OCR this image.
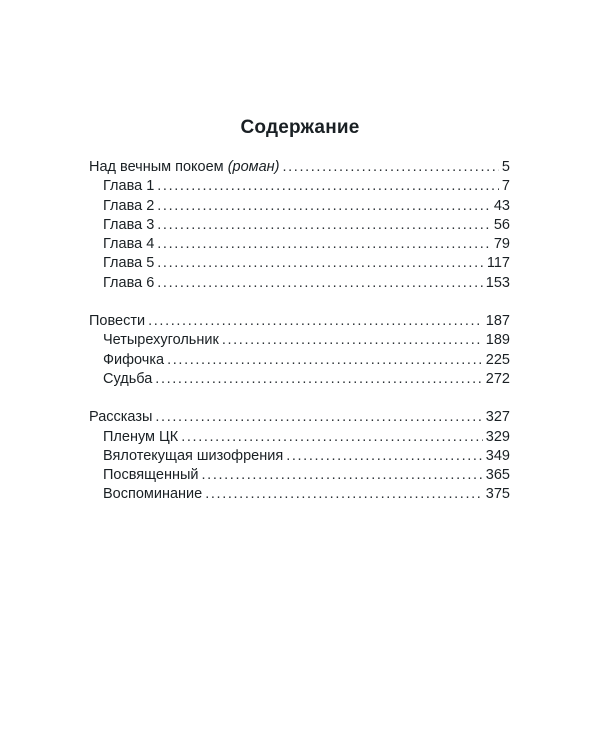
Содержание
Над вечным покоем (роман) . . .	5
Глава 1 . . .	7
Глава 2 . . .	43
Глава 3 . . .	56
Глава 4 . . .	79
Глава 5 . . .	117
Глава 6 . . .	153
Повести . . .	187
Четырехугольник . . .	189
Фифочка . . .	225
Судьба . . .	272
Рассказы . . .	327
Пленум ЦК . . .	329
Вялотекущая шизофрения . . .	349
Посвященный . . .	365
Воспоминание . . .	375
